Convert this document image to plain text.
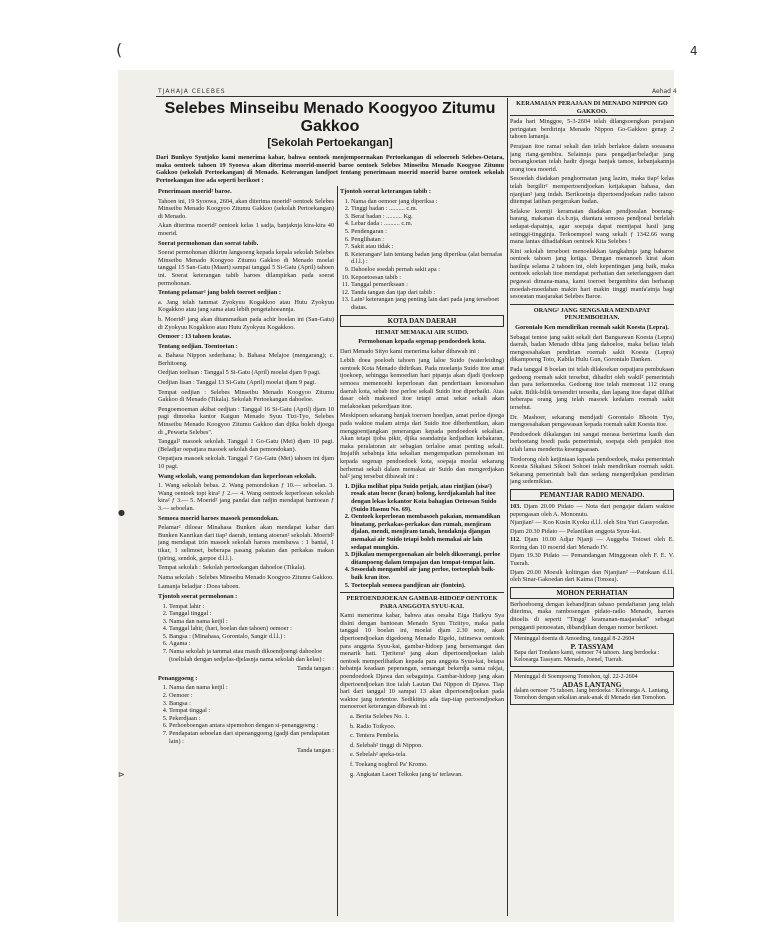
(	4
●
⊳
TJAHAJA CELEBES	Aehad 4
Selebes Minseibu Menado Koogyoo Zitumu Gakkoo
[Sekolah Pertoekangan]

Dari Bunkyo Syutjoko kami menerima kabar, bahwa oentoek menjempoernakan Pertoekangan di seloeroeh Selebes-Oetara, maka oentoek tahoen 19 Syoowa akan diterima moerid-moerid baroe oentoek Selebes Minseibu Menado Koogyoo Zitumu Gakkoo (sekolah Pertoekangan) di Menado. Keterangan landjoet tentang penerimaan moerid moerid baroe oentoek sekolah Pertoekangan itoe ada seperti berikoet :

Penerimaan moerid² baroe.

Tahoen ini, 19 Syoowa, 2604, akan diterima moerid² oentoek Selebes Minseibu Menado Koogyoo Zitumu Gakkoo (sekolah Pertoekangan) di Menado.

Akan diterima moerid² oentoek kelas 1 sadja, banjaknja kira-kira 40 moerid.

Soerat permohonan dan soerat tabib.

Soerat permohonan dikirim langsoeng kepada kepala sekolah Selebes Minseibu Menado Koogyoo Zitumu Gakkoo di Menado moelai tanggal 15 San-Gatu (Maart) sampai tanggal 5 Si-Gatu (April) tahoen ini. Soerat keterangan tabib haroes dilampirkan pada soerat permohonan.

Tentang pelamar² jang boleh toeroet oedjian :

a. Jang telah tammat Zyokyuu Kogakkoo atau Hutu Zyokyuu Kogakkoo atau jang sama atau lebih pengetahoeannja.

b. Moerid² jang akan ditammatkan pada achir boelan ini (San-Gatu) di Zyokyuu Kogakkoo atau Hutu Zyokyuu Kogakkoo.

Oemoer : 13 tahoen keatas.

Tentang oedjian. Toentoetan :

a. Bahasa Nippon sederhana; b. Bahasa Melajoe (mengarang); c. Berhitoeng.

Oedjian toelisan : Tanggal 5 Si-Gatu (April) moelai djam 9 pagi.

Oedjian lisan : Tanggal 13 Si-Gatu (April) moelai djam 9 pagi.

Tempat oedjian : Selebes Minseibu Menado Koogyoo Zitumu Gakkoo di Menado (Tikala). Sekolah Pertoekangan dahoeloe.

Pengoemoeman akibat oedjian : Tanggal 16 Si-Gatu (April) djam 10 pagi dimoeka kantor Kaigun Menado Syuu Tizi-Tyo, Selebes Minseibu Menado Koogyoo Zitumu Gakkoo dan djika boleh djoega di „Pewarta Selebes".

Tanggal² masoek sekolah. Tanggal 1 Go-Gatu (Mei) djam 10 pagi. (Beladjar oepatjara masoek sekolah dan pemondokan).

Oepatjara masoek sekolah. Tanggal 7 Go-Gatu (Mei) tahoen ini djam 10 pagi.

Wang sekolah, wang pemondokan dan keperloean sekolah.

1. Wang sekolah bebas. 2. Wang pemondokan ƒ 10.— seboelan. 3. Wang oentoek topi kira² ƒ 2.— 4. Wang oentoek keperloean sekolah kira² ƒ 3.— 5. Moerid² jang pandai dan radjin mendapat bantoean ƒ 3.— seboelan.

Semoea moerid haroes masoek pemondokan.

Pelamar² diloear Minahasa Bunken akan mendapat kabar dari Bunken Kanrikan dari tiap² daerah, tentang atoeran² sekolah. Moerid² jang mendapat izin masoek sekolah haroes membawa : 1 bantal, 1 tikar, 1 selimoet, beberapa pasang pakaian dan perkakas makan (piring, sendok, garpoe d.l.l.).

Tempat sekolah : Sekolah pertoekangan dahoeloe (Tikala).

Nama sekolah : Selebes Minseibu Menado Koogyoo Zitumu Gakkoo.

Lamanja beladjar : Doea tahoen.

Tjontoh soerat permohonan :

1. Tempat lahir :
2. Tanggal tinggal :
3. Nama dan nama ketjil :
4. Tanggal lahir, (hari, boelan dan tahoen) oemoer :
5. Bangsa : (Minahasa, Gorontalo, Sangir d.l.l.) :
6. Agama :
7. Nama sekolah ja tammat atau masih dikoendjoengi dahoeloe (toelislah dengan sedjelas-djelasnja nama sekolah dan kelas) :

Tanda tangan :

Penanggoeng :

1. Nama dan nama ketjil :
2. Oemoer :
3. Bangsa :
4. Tempat tinggal :
5. Pekerdjaan :
6. Perhoeboengan antara sipemohon dengan si-penanggoeng :
7. Pendapatan seboelan dari sipenanggoeng (gadji dan pendapatan lain) :

Tanda tangan :

Tjontoh soerat keterangan tabib :

1. Nama dan oemoer jang diperiksa :
2. Tinggi badan : .......... c.m.
3. Berat badan : .......... Kg.
4. Lebar dada : .......... c.m.
5. Pendengaran :
6. Penglihatan :
7. Sakit atau tidak :
8. Keterangan² lain tentang badan jang diperiksa (alat bernafas d.l.l.) :
9. Dahoeloe soedah pernah sakit apa :
10. Kepoetoesan tabib :
11. Tanggal pemeriksaan :
12. Tanda tangan dan tjap dari tabib :
13. Lain² keterangan jang penting lain dari pada jang terseboet diatas.
KOTA DAN DAERAH

HEMAT MEMAKAI AIR SUIDO.

Permohonan kepada segenap pendoedoek kota.

Dari Menado Sityo kami menerima kabar dibawah ini :

Lebih doea poeloeh tahoen jang laloe Suido (waterleiding) oentoek Kota Menado didirikan. Pada moelanja Suido itoe amat tjoekoep, sehingga kemoedian hari pipanja akan djadi tjoekoep semoea memenoehi keperloean dan penderitaan kesoesahan daerah kota, sebab itoe perloe sekali Suido itoe diperbaiki. Atas dasar oleh maksoed itoe tetapi amat sekar sekali akan melakoekan pekerdjaan itoe.

Meskipoen sekarang banjak toeroen hoedjan, amat perloe djoega pada waktoe malam airnja dari Suido itoe diberhentikan, akan menggoentjangkan penerangan kepada pendoedoek sekalian. Akan tetapi tjoba pikir, djika seandainja kedjadian kebakaran, maka peralatoran air sebagian terlaloe amat penting sekali. Insjafih sebabnja kita sekalian mengempatkan pemohonan ini kepada segenap pendoedoek kota, soepaja moelai sekarang berhemat sekali dalam memakai air Suido dan mengerdjakan hal² jang tersebut dibawah ini :

1. Djika melihat pipa Suido petjah, atau rintjian (sisa²) rosak atau bocor (kran) bolong, kerdjakanlah hal itoe dengan lekas kekantor Kota bahagian Oetoesan Suido (Suido Hasmu No. 69).
2. Oentoek keperloean membasoeh pakaian, memandikan binatang, perkakas-perkakas dan rumah, menjiram djalan, mendi, menjiram tanah, hendaknja djangan memakai air Suido tetapi boleh memakai air lain sedapat mungkin.
3. Djikalau mempergoenakan air boleh dikoerangi, perloe ditampoeng dalam tempajan dan tempat-tempat lain.
4. Sesoedah mengambil air jang perloe, toetoeplah baik-baik kran itoe.
5. Toetoeplah semoea pandjiran air (fontein).

PERTOENDJOEKAN GAMBAR-HIDOEP OENTOEK PARA ANGGOTA SYUU-KAI.

Kami menerima kabar, bahwa atas oesaha Eiga Haikyu Sya disini dengan bantoean Menado Syuu Tiziityo, maka pada tanggal 10 boelan ini, moelai djam 2.30 sore, akan dipertoendjoekan digedoeng Menado Eigeki, istimewa oentoek para anggota Syuu-kai, gambar-hidoep jang bersemangat dan menarik hati. Tjeritera² jang akan dipertoendjoekan ialah oentoek memperlihatkan kepada para anggota Syuu-kai, betapa hebatnja keadaan peperangan, semangat bekerdja sama rakjat, poendoedoek Djawa dan sebagainja. Gambar-hidoep jang akan dipertoendjoekan itoe ialah Lautan Dai Nippon di Djawa. Tiap hari dari tanggal 10 sampai 13 akan dipertoendjoekan pada waktoe jang tertentoe. Sedikitnja ada tiap-tiap pertoendjoekan menoeroet keterangan dibawah ini :

a. Berita Selebes No. 1.

b. Radio Toikyoo.

c. Tentera Pembela.

d. Selebah² tinggi di Nippon.

e. Sebelah² apeka-tela.

f. Toekang nogbrol Pa' Kromo.

g. Angkatan Laoet Telkoku jang ta' terlawan.

KERAMAIAN PERAJAAN DI MENADO NIPPON GO GAKKOO.

Pada hari Minggoe, 5-3-2604 telah dilangsoengkan perajaan peringatan berdirinja Menado Nippon Go-Gakkoo genap 2 tahoen lamanja.

Perajaan itoe ramai sekali dan telah berlakoe dalam soeasana jang riang-gembira. Selainnja para pengadjar/beladjar jang bersangkoetan telah hadir djoega banjak tamoe, kebanjakannja orang toea moerid.

Sesoedah diadakan penghormatan jang lazim, maka tiap² kelas telah bergilir² mempertoendjoekan ketjakapan bahasa, dan njanjian² jang indah. Berikoetnja dipertoendjoekan radio taisoo ditempat latihan pergerakan badan.

Selakoe koentji keramaian diadakan pendjoealan boerang-barang, makanan d.s.b.nja, diantara semoea pendjoeal berlelah sedapat-dapatnja, agar soepaja dapat mentjapai hasil jang setinggi-tingginja. Terkoempoel wang sekali ƒ 1342.66 wang mana lantas dihadiahkan oentoek Kita Selebes !

Kini sekolah terseboet menoelakkan tangkahnja jang baharoe oentoek tahoen jang ketiga. Dengan menanoeh kirai akan hasilnja selama 2 tahoen ini, oleh kepentingan jang baik, maka oentoek sekolah itoe mendapat perhatian dan seterlanggoen dari pegawai dimana-mana, kami toeroet bergembira dan berharap moedah-moedahan makin hari makin tinggi manfa'atnja bagi sesoeatan masjarakat Selebes Baroe.

ORANG² JANG SENGSARA MENDAPAT PENJEMBOEHAN.

Gorontalo Ken mendirikan roemah sakit Koesta (Lepra).

Sebagai tentoe jang sakit sekali dari Bangsawan Koesta (Lepra) daerah, badan Menado dibia jang dahoeloe, maka beliau telah mengoesahakan pendirian roemah sakit Koesta (Lepra) dikampoeng Toto, Kabila Hulu Gun, Gorontalo Danken.

Pada tanggal 8 boelan ini telah dilakoekan oepatjara pembukaan gedoeng roemah sakit tersebut, dihadiri oleh wakil² pemerintah dan para terkemoeka. Gedoeng itoe telah memoeat 112 orang sakit. Bilik-bilik tersendiri tersedia, dan lapang itoe dapat dilihat beberapa orang jang telah masoek kedalam roemah sakit tersebut.

Dr. Mashoer, sekarang mendjadi Gorontalo Bhooin Tyo, mengoesahakan pengawasan kepada roemah sakit Koesta itoe.

Pendoedoek dikalangan ini sangat merasa berterima kasih dan berhoetang boedi pada pemerintah, soepaja oleh penjakit itoe telah lama menderita kesengsaraan.

Terdorong oleh ketjintaan kepada pendoedoek, maka pemerintah Koesta Sikahasi Sikoei Sohoei telah mendirikan roemah sakit. Sekarang pemerintah bali dan sedang mengerdjakan pendirian jang sedemikian.

PEMANTJAR RADIO MENADO.

103. Djam 20.00 Pidato — Nota dari pengajar dalam waktoe pepengasan oleh A. Mononutu.

Njanjian² — Koo Kusin Kyoku d.l.l. oleh Sira Yuri Gassyodan.

Djam 20.30 Pidato — Pelantikan anggota Syuu-kai.

112. Djam 10.00 Adjar Njanji — Auggeba Totosei oleh E. Roring dan 10 moerid dari Menado IV.

Djam 19.30 Pidato — Pemandangan Minggoean oleh F. E. V. Tuerah.

Djam 20.00 Moesik koltingan dan Njanjian² —Patokaan d.l.l. oleh Sinar-Gakoedan dari Kaima (Tonsea).

MOHON PERHATIAN

Berhoeboeng dengan kebandjiran tabaso pendaftaran jang telah diterima, maka rambosengan pidato-radio Menado, haroes ditoelis di seperti "Tingg² keamanan-masjarakat" sebagai pengganti pemoeatan, dibandjikan dengan nomor berikoet.

Meninggal doenia di Amoeding, tanggal 8-2-2604
P. TASSYAM
Bapa dari Tondano kami, oemoer 74 tahoen. Jang berdoeka : Keloearga Tassyam. Menado, Joenel, Tuerah.
Meninggal di Soempoeng Tomohon, tgl. 22-2-2604
ADAS LANTANG
dalam oemoer 75 tahoen. Jang berdoeka : Keloearga A. Lantang, Tomohon dengan sekalian anak-anak di Menado dan Tomohon.
